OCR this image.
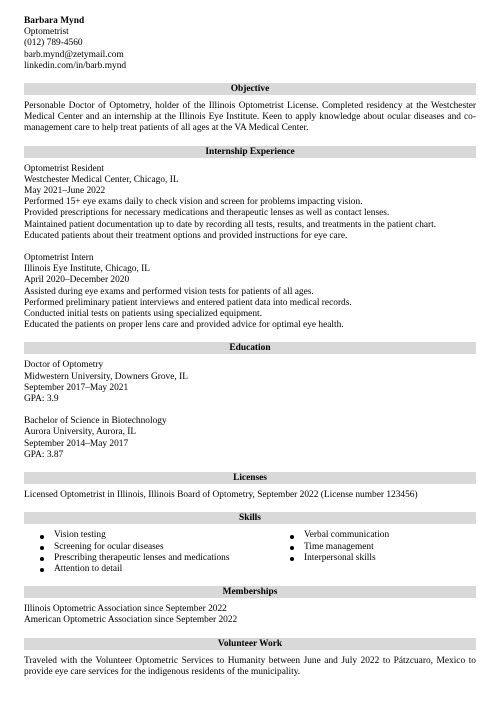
Barbara Mynd
Optometrist
(012) 789-4560
barb.mynd@zetymail.com
linkedin.com/in/barb.mynd
Objective
Personable Doctor of Optometry, holder of the Illinois Optometrist License. Completed residency at the Westchester Medical Center and an internship at the Illinois Eye Institute. Keen to apply knowledge about ocular diseases and co-management care to help treat patients of all ages at the VA Medical Center.
Internship Experience
Optometrist Resident
Westchester Medical Center, Chicago, IL
May 2021–June 2022
Performed 15+ eye exams daily to check vision and screen for problems impacting vision.
Provided prescriptions for necessary medications and therapeutic lenses as well as contact lenses.
Maintained patient documentation up to date by recording all tests, results, and treatments in the patient chart.
Educated patients about their treatment options and provided instructions for eye care.
Optometrist Intern
Illinois Eye Institute, Chicago, IL
April 2020–December 2020
Assisted during eye exams and performed vision tests for patients of all ages.
Performed preliminary patient interviews and entered patient data into medical records.
Conducted initial tests on patients using specialized equipment.
Educated the patients on proper lens care and provided advice for optimal eye health.
Education
Doctor of Optometry
Midwestern University, Downers Grove, IL
September 2017–May 2021
GPA: 3.9
Bachelor of Science in Biotechnology
Aurora University, Aurora, IL
September 2014–May 2017
GPA: 3.87
Licenses
Licensed Optometrist in Illinois, Illinois Board of Optometry, September 2022 (License number 123456)
Skills
Vision testing
Screening for ocular diseases
Prescribing therapeutic lenses and medications
Attention to detail
Verbal communication
Time management
Interpersonal skills
Memberships
Illinois Optometric Association since September 2022
American Optometric Association since September 2022
Volunteer Work
Traveled with the Volunteer Optometric Services to Humanity between June and July 2022 to Pátzcuaro, Mexico to provide eye care services for the indigenous residents of the municipality.
